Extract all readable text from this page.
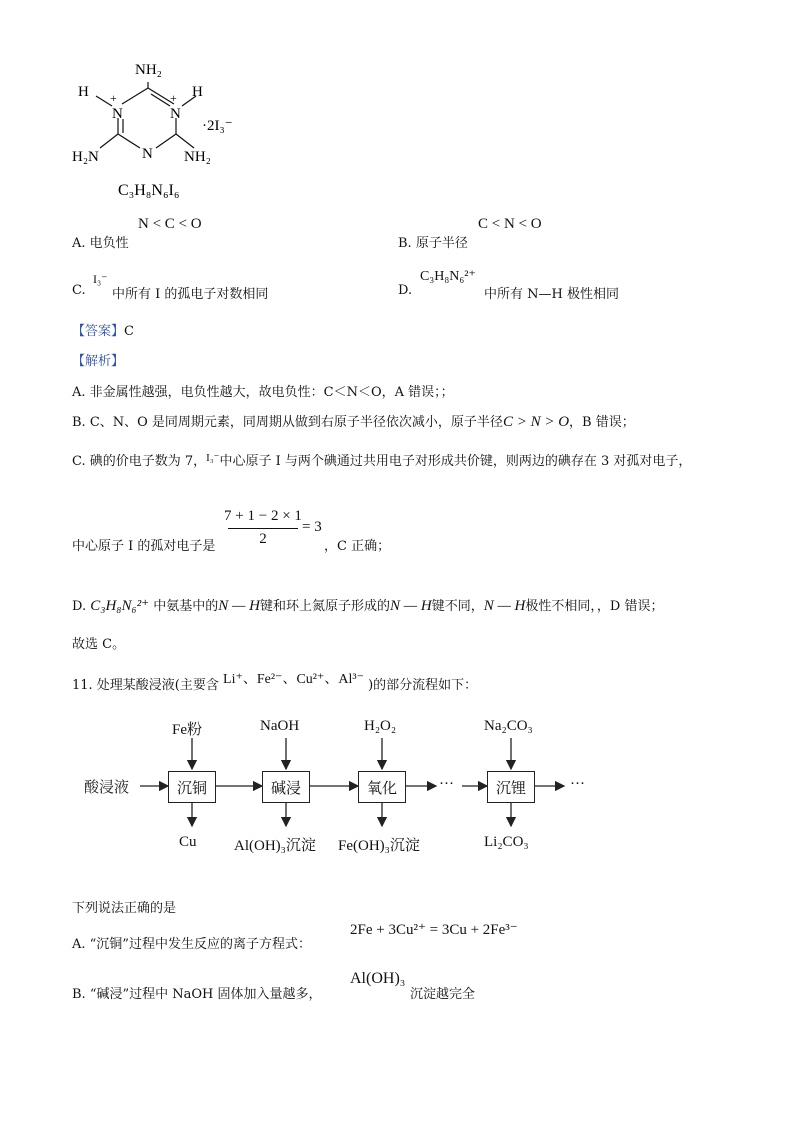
NH₂
H	H
+	+
N	N
N
H₂N	NH₂
·2I₃⁻
C₃H₈N₆I₆
A. 电负性
N < C < O
B. 原子半径
C < N < O
C.
I₃⁻
中所有 I 的孤电子对数相同	D.
C₃H₈N₆²⁺
中所有 N—H 极性相同
【答案】C
【解析】
A. 非金属性越强，电负性越大，故电负性：C＜N＜O，A 错误；；
B. C、N、O 是同周期元素，同周期从做到右原子半径依次减小，原子半径C > N > O，B 错误；
C. 碘的价电子数为 7，$^{I_3^-}$中心原子 I 与两个碘通过共用电子对形成共价键，则两边的碘存在 3 对孤对电子，
中心原子 I 的孤对电子是
7 + 1 − 2 × 1
2
= 3
，C 正确；
D. C₃H₈N₆²⁺ 中氨基中的N — H键和环上氮原子形成的N — H键不同，N — H极性不相同，，D 错误；
故选 C。
11. 处理某酸浸液(主要含 Li⁺、Fe²⁻、Cu²⁺、Al³⁻ )的部分流程如下：
酸浸液	沉铜	碱浸	氧化	沉锂
···	···
Fe粉	NaOH	H₂O₂	Na₂CO₃
Cu Al(OH)₃沉淀 Fe(OH)₃沉淀	Li₂CO₃
下列说法正确的是
A. “沉铜”过程中发生反应的离子方程式：
2Fe + 3Cu²⁺ = 3Cu + 2Fe³⁻
B. “碱浸”过程中 NaOH 固体加入量越多，
Al(OH)₃
沉淀越完全
